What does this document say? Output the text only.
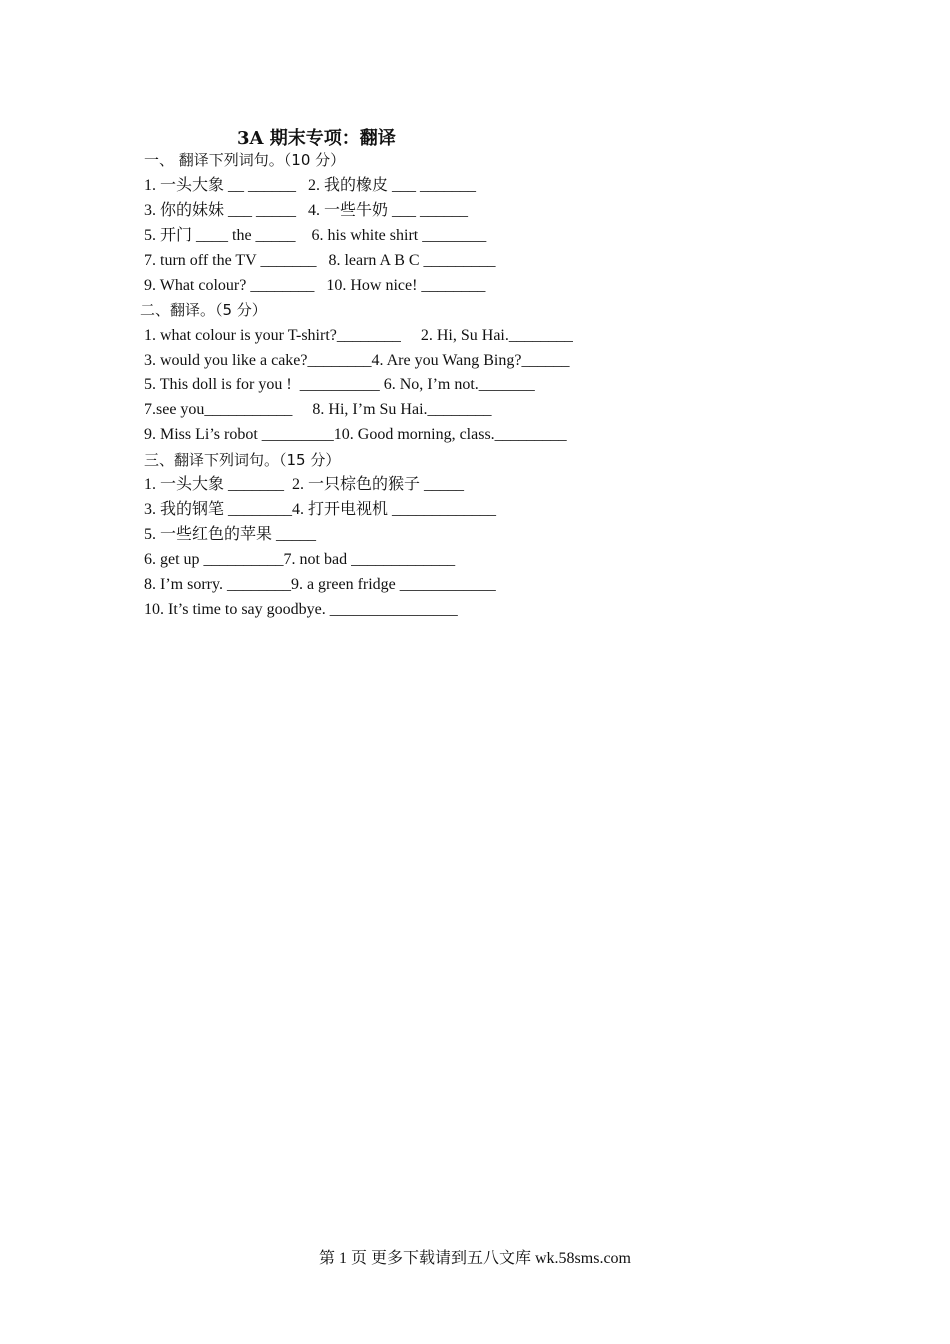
3A 期末专项：翻译
一、 翻译下列词句。（10 分）
1. 一头大象 __ ______   2. 我的橡皮 ___ _______
3. 你的妹妹 ___ _____   4. 一些牛奶 ___ ______
5. 开门 ____ the _____    6. his white shirt ________
7. turn off the TV _______   8. learn A B C _________
9. What colour? ________   10. How nice! ________
二、翻译。（5 分）
1. what colour is your T-shirt?________     2. Hi, Su Hai.________
3. would you like a cake?________4. Are you Wang Bing?______
5. This doll is for you !  __________ 6. No, I’m not._______
7.see you___________     8. Hi, I’m Su Hai.________
9. Miss Li’s robot _________10. Good morning, class._________
三、翻译下列词句。（15 分）
1. 一头大象 _______  2. 一只棕色的猴子 _____
3. 我的钢笔 ________4. 打开电视机 _____________
5. 一些红色的苹果 _____
6. get up __________7. not bad _____________
8. I’m sorry. ________9. a green fridge ____________
10. It’s time to say goodbye. ________________
第 1 页 更多下载请到五八文库 wk.58sms.com
